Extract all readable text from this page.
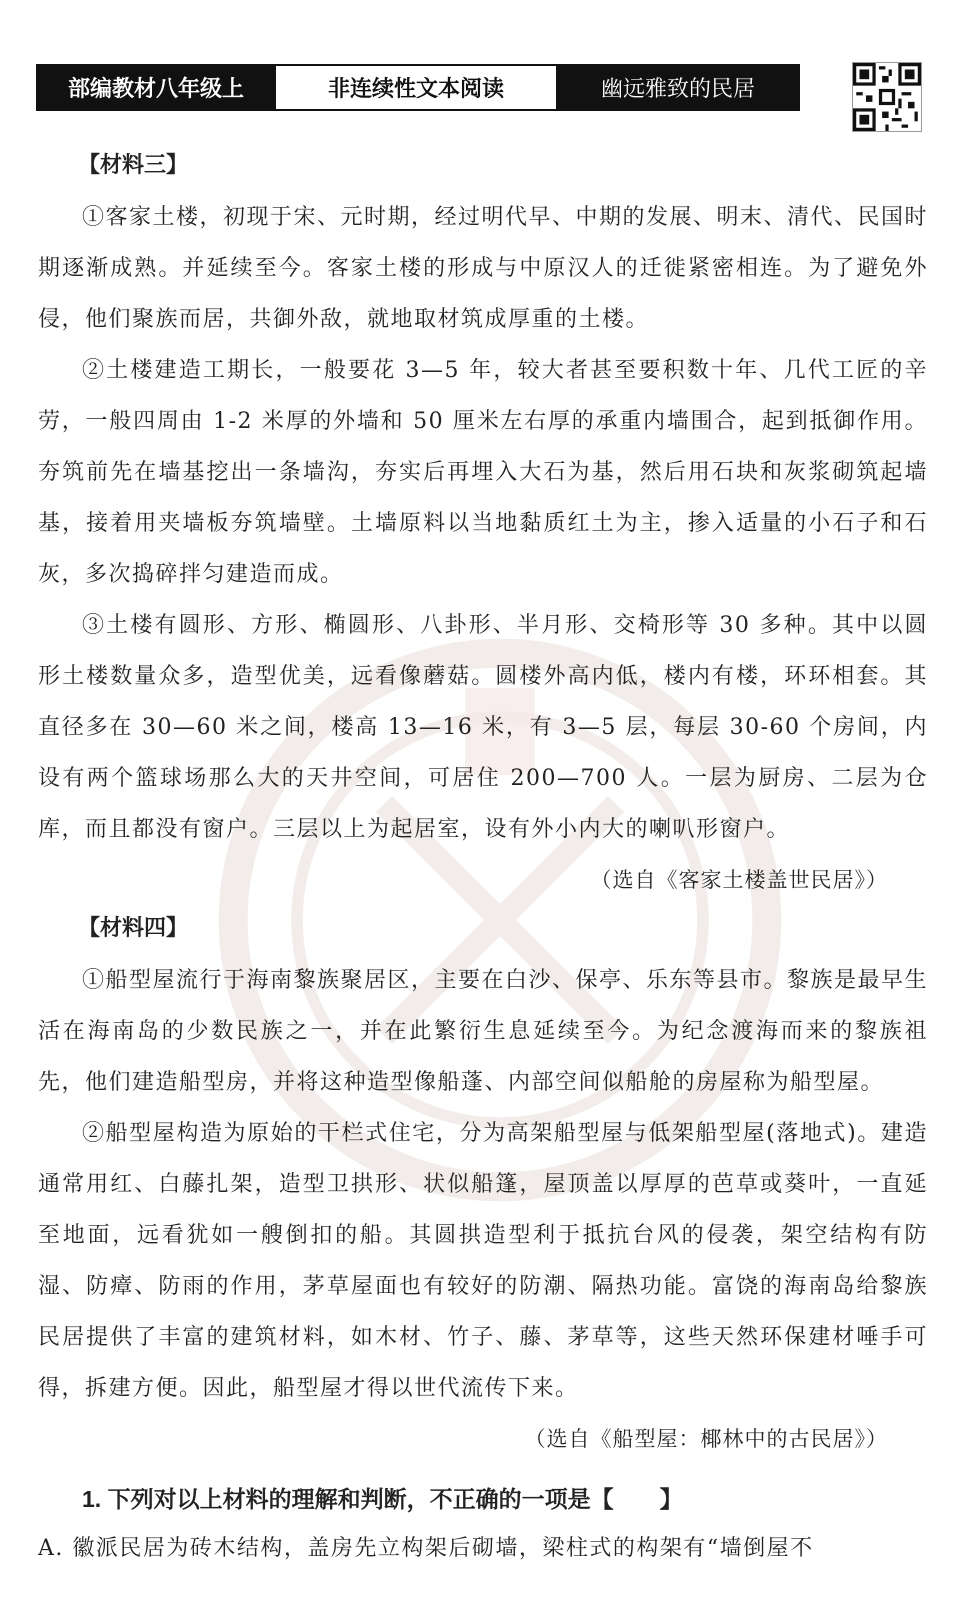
部编教材八年级上	非连续性文本阅读	幽远雅致的民居
【材料三】

①客家土楼，初现于宋、元时期，经过明代早、中期的发展、明末、清代、民国时期逐渐成熟。并延续至今。客家土楼的形成与中原汉人的迁徙紧密相连。为了避免外侵，他们聚族而居，共御外敌，就地取材筑成厚重的土楼。

②土楼建造工期长，一般要花 3—5 年，较大者甚至要积数十年、几代工匠的辛劳，一般四周由 1-2 米厚的外墙和 50 厘米左右厚的承重内墙围合，起到抵御作用。夯筑前先在墙基挖出一条墙沟，夯实后再埋入大石为基，然后用石块和灰浆砌筑起墙基，接着用夹墙板夯筑墙壁。土墙原料以当地黏质红土为主，掺入适量的小石子和石灰，多次捣碎拌匀建造而成。

③土楼有圆形、方形、椭圆形、八卦形、半月形、交椅形等 30 多种。其中以圆形土楼数量众多，造型优美，远看像蘑菇。圆楼外高内低，楼内有楼，环环相套。其直径多在 30—60 米之间，楼高 13—16 米，有 3—5 层，每层 30-60 个房间，内设有两个篮球场那么大的天井空间，可居住 200—700 人。一层为厨房、二层为仓库，而且都没有窗户。三层以上为起居室，设有外小内大的喇叭形窗户。

（选自《客家土楼盖世民居》）
【材料四】

①船型屋流行于海南黎族聚居区，主要在白沙、保亭、乐东等县市。黎族是最早生活在海南岛的少数民族之一，并在此繁衍生息延续至今。为纪念渡海而来的黎族祖先，他们建造船型房，并将这种造型像船蓬、内部空间似船舱的房屋称为船型屋。

②船型屋构造为原始的干栏式住宅，分为高架船型屋与低架船型屋(落地式)。建造通常用红、白藤扎架，造型卫拱形、状似船篷，屋顶盖以厚厚的芭草或葵叶，一直延至地面，远看犹如一艘倒扣的船。其圆拱造型利于抵抗台风的侵袭，架空结构有防湿、防瘴、防雨的作用，茅草屋面也有较好的防潮、隔热功能。富饶的海南岛给黎族民居提供了丰富的建筑材料，如木材、竹子、藤、茅草等，这些天然环保建材唾手可得，拆建方便。因此，船型屋才得以世代流传下来。

（选自《船型屋：椰林中的古民居》）
1. 下列对以上材料的理解和判断，不正确的一项是【　　】
A. 徽派民居为砖木结构，盖房先立构架后砌墙，梁柱式的构架有“墙倒屋不
